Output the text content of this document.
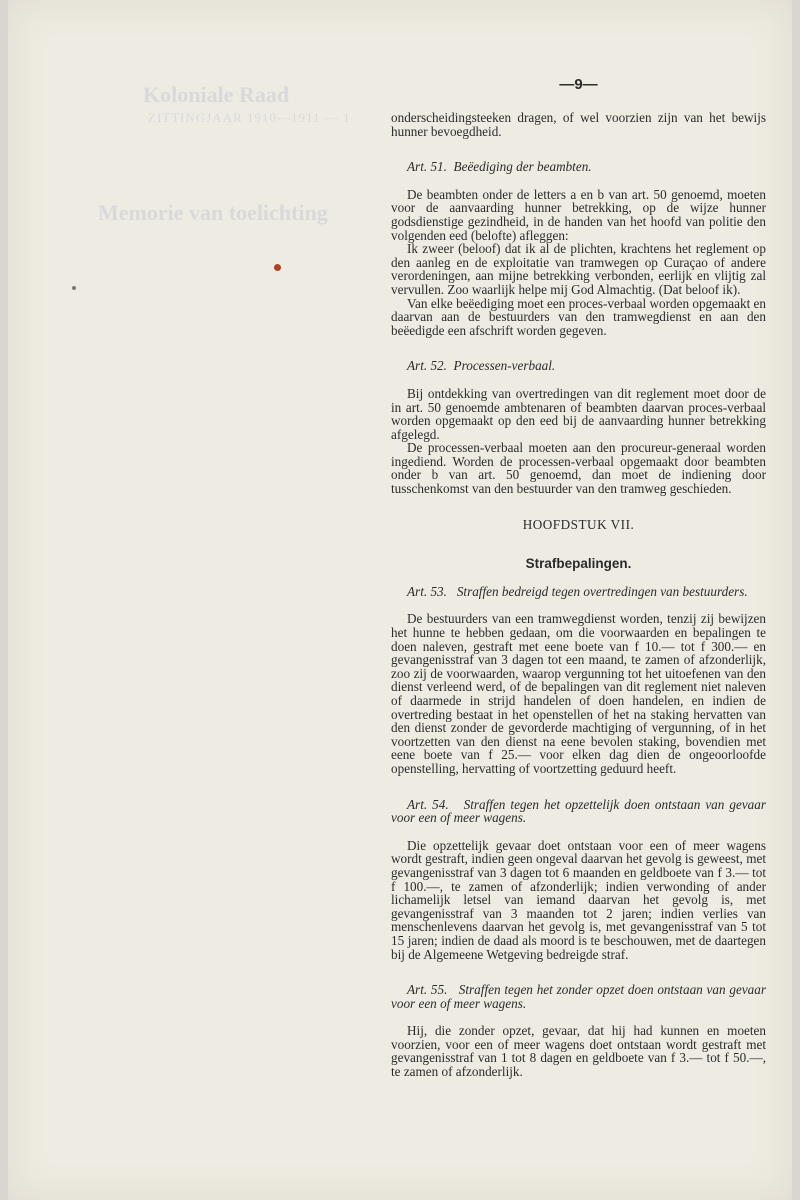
Koloniale Raad
ZITTINGJAAR 1910—1911 — 1
Memorie van toelichting
—9—

onderscheidingsteeken dragen, of wel voorzien zijn van het bewijs hunner bevoegdheid.

Art. 51. Beëediging der beambten.

De beambten onder de letters a en b van art. 50 genoemd, moeten voor de aanvaarding hunner betrekking, op de wijze hunner godsdienstige gezindheid, in de handen van het hoofd van politie den volgenden eed (belofte) afleggen:

Ik zweer (beloof) dat ik al de plichten, krachtens het reglement op den aanleg en de exploitatie van tramwegen op Curaçao of andere verordeningen, aan mijne betrekking verbonden, eerlijk en vlijtig zal vervullen. Zoo waarlijk helpe mij God Almachtig. (Dat beloof ik).

Van elke beëediging moet een proces-verbaal worden opgemaakt en daarvan aan de bestuurders van den tramwegdienst en aan den beëedigde een afschrift worden gegeven.

Art. 52. Processen-verbaal.

Bij ontdekking van overtredingen van dit reglement moet door de in art. 50 genoemde ambtenaren of beambten daarvan proces-verbaal worden opgemaakt op den eed bij de aanvaarding hunner betrekking afgelegd.

De processen-verbaal moeten aan den procureur-generaal worden ingediend. Worden de processen-verbaal opgemaakt door beambten onder b van art. 50 genoemd, dan moet de indiening door tusschenkomst van den bestuurder van den tramweg geschieden.

HOOFDSTUK VII.

Strafbepalingen.

Art. 53. Straffen bedreigd tegen overtredingen van bestuurders.

De bestuurders van een tramwegdienst worden, tenzij zij bewijzen het hunne te hebben gedaan, om die voorwaarden en bepalingen te doen naleven, gestraft met eene boete van f 10.— tot f 300.— en gevangenisstraf van 3 dagen tot een maand, te zamen of afzonderlijk, zoo zij de voorwaarden, waarop vergunning tot het uitoefenen van den dienst verleend werd, of de bepalingen van dit reglement niet naleven of daarmede in strijd handelen of doen handelen, en indien de overtreding bestaat in het openstellen of het na staking hervatten van den dienst zonder de gevorderde machtiging of vergunning, of in het voortzetten van den dienst na eene bevolen staking, bovendien met eene boete van f 25.— voor elken dag dien de ongeoorloofde openstelling, hervatting of voortzetting geduurd heeft.

Art. 54. Straffen tegen het opzettelijk doen ontstaan van gevaar voor een of meer wagens.

Die opzettelijk gevaar doet ontstaan voor een of meer wagens wordt gestraft, indien geen ongeval daarvan het gevolg is geweest, met gevangenisstraf van 3 dagen tot 6 maanden en geldboete van f 3.— tot f 100.—, te zamen of afzonderlijk; indien verwonding of ander lichamelijk letsel van iemand daarvan het gevolg is, met gevangenisstraf van 3 maanden tot 2 jaren; indien verlies van menschenlevens daarvan het gevolg is, met gevangenisstraf van 5 tot 15 jaren; indien de daad als moord is te beschouwen, met de daartegen bij de Algemeene Wetgeving bedreigde straf.

Art. 55. Straffen tegen het zonder opzet doen ontstaan van gevaar voor een of meer wagens.

Hij, die zonder opzet, gevaar, dat hij had kunnen en moeten voorzien, voor een of meer wagens doet ontstaan wordt gestraft met gevangenisstraf van 1 tot 8 dagen en geldboete van f 3.— tot f 50.—, te zamen of afzonderlijk.
